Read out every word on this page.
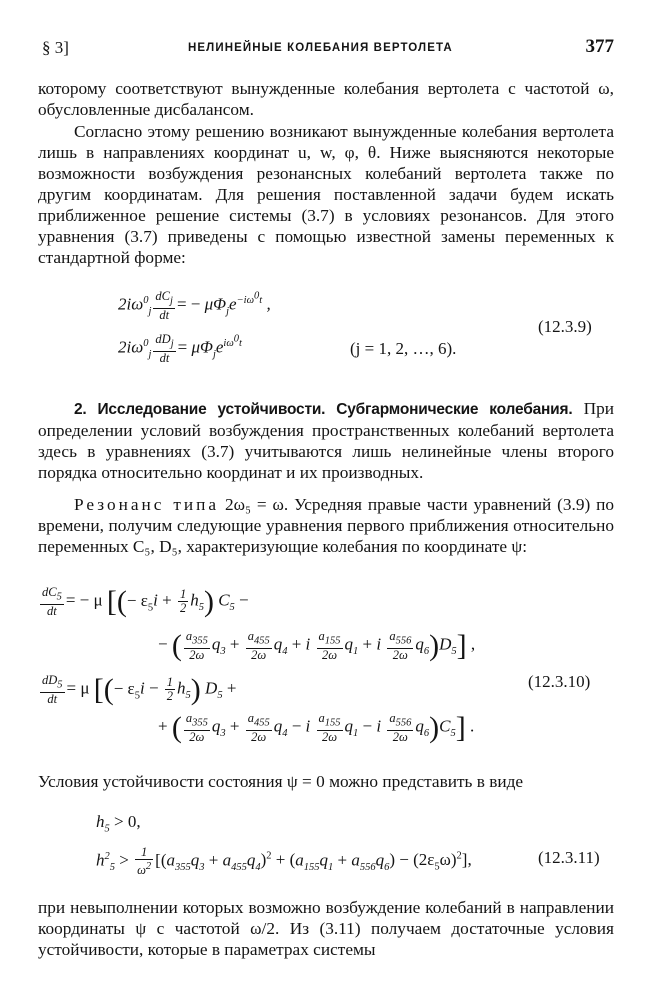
§ 3]	НЕЛИНЕЙНЫЕ КОЛЕБАНИЯ ВЕРТОЛЕТА	377

которому соответствуют вынужденные колебания вертолета с частотой ω, обусловленные дисбалансом.

Согласно этому решению возникают вынужденные колебания вертолета лишь в направлениях координат u, w, φ, θ. Ниже выясняются некоторые возможности возбуждения резонансных колебаний вертолета также по другим координатам. Для решения поставленной задачи будем искать приближенное решение системы (3.7) в условиях резонансов. Для этого уравнения (3.7) приведены с помощью известной замены переменных к стандартной форме:

$2i\omega^0_j \frac{dC_j}{dt}$ = − $\mu\Phi_je^{-i\omega^0t}$ ,
$2i\omega^0_j \frac{dD_j}{dt} = \mu\Phi_je^{i\omega^0t}$	(j = 1, 2, …, 6).
(12.3.9)

2. Исследование устойчивости. Субгармонические колебания. При определении условий возбуждения пространственных колебаний вертолета здесь в уравнениях (3.7) учитываются лишь нелинейные члены второго порядка относительно координат и их производных.

Резонанс типа 2ω₅ = ω. Усредняя правые части уравнений (3.9) по времени, получим следующие уравнения первого приближения относительно переменных C₅, D₅, характеризующие колебания по координате ψ:

$\frac{dC_5}{dt}$ = − μ [(− $\varepsilon_5i + \frac{1}{2} h_5$) $C_5$ −
− ( $\frac{a_{355}}{2\omega} q_3 + \frac{a_{455}}{2\omega} q_4 + i \frac{a_{155}}{2\omega} q_1 + i \frac{a_{556}}{2\omega} q_6)D_5$] ,
$\frac{dD_5}{dt} = \mu$ [(− $\varepsilon_5i - \frac{1}{2} h_5$) $D_5$ +
+ ( $\frac{a_{355}}{2\omega} q_3 + \frac{a_{455}}{2\omega} q_4 - i \frac{a_{155}}{2\omega} q_1 - i \frac{a_{556}}{2\omega} q_6)C_5$] .
(12.3.10)

Условия устойчивости состояния ψ = 0 можно представить в виде

$h_5 > 0$,
$h^2_5 > \frac{1}{\omega^2} [(a_{355}q_3 + a_{455}q_4)^2 + (a_{155}q_1 + a_{556}q_6) - (2\varepsilon_5\omega)^2]$,	(12.3.11)

при невыполнении которых возможно возбуждение колебаний в направлении координаты ψ с частотой ω/2. Из (3.11) получаем достаточные условия устойчивости, которые в параметрах системы
